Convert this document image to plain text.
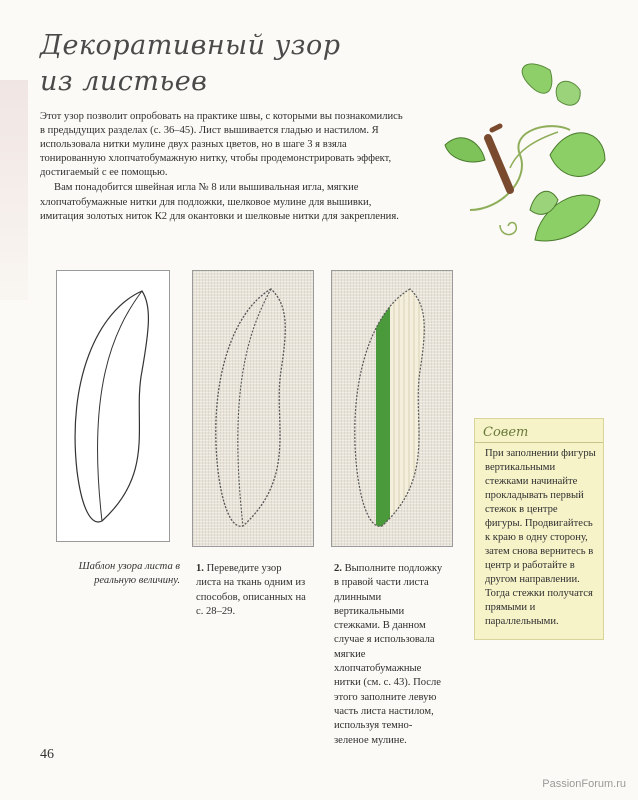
Декоративный узор из листьев

Этот узор позволит опробовать на практике швы, с которыми вы познакомились в предыдущих разделах (с. 36–45). Лист вышивается гладью и настилом. Я использовала нитки мулине двух разных цветов, но в шаге 3 я взяла тонированную хлопчатобумажную нитку, чтобы продемонстрировать эффект, достигаемый с ее помощью.

Вам понадобится швейная игла № 8 или вышивальная игла, мягкие хлопчатобумажные нитки для подложки, шелковое мулине для вышивки, имитация золотых ниток К2 для окантовки и шелковые нитки для закрепления.

Шаблон узора листа в реальную величину.
1. Переведите узор листа на ткань одним из способов, описанных на с. 28–29.
2. Выполните подложку в правой части листа длинными вертикальными стежками. В данном случае я использовала мягкие хлопчатобумажные нитки (см. с. 43). После этого заполните левую часть листа настилом, используя темно-зеленое мулине.
Совет
При заполнении фигуры вертикальными стежками начинайте прокладывать первый стежок в центре фигуры. Продвигайтесь к краю в одну сторону, затем снова вернитесь в центр и работайте в другом направлении. Тогда стежки получатся прямыми и параллельными.
46
PassionForum.ru
